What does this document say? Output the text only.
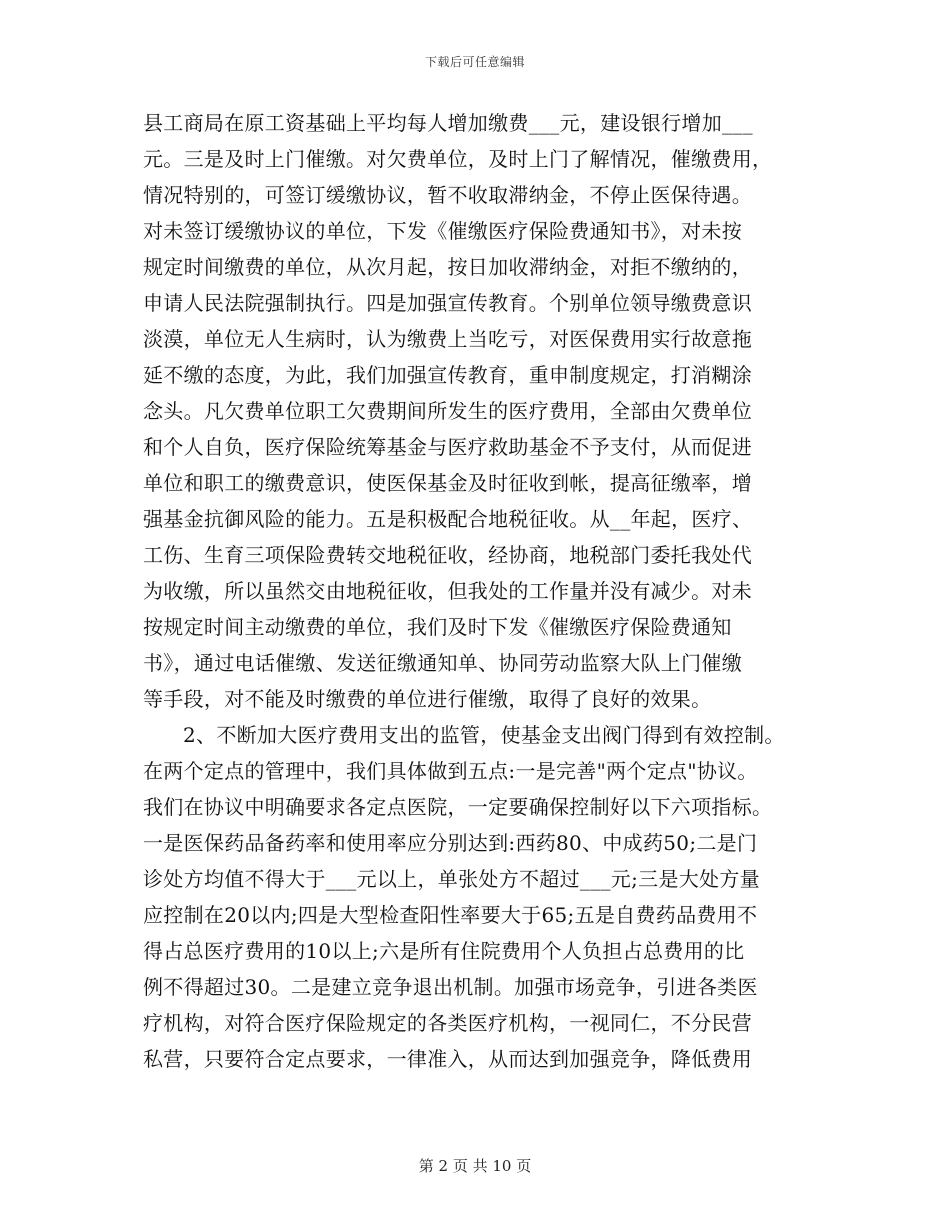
下载后可任意编辑
县工商局在原工资基础上平均每人增加缴费___元，建设银行增加___
元。三是及时上门催缴。对欠费单位，及时上门了解情况，催缴费用，
情况特别的，可签订缓缴协议，暂不收取滞纳金，不停止医保待遇。
对未签订缓缴协议的单位，下发《催缴医疗保险费通知书》，对未按
规定时间缴费的单位，从次月起，按日加收滞纳金，对拒不缴纳的，
申请人民法院强制执行。四是加强宣传教育。个别单位领导缴费意识
淡漠，单位无人生病时，认为缴费上当吃亏，对医保费用实行故意拖
延不缴的态度，为此，我们加强宣传教育，重申制度规定，打消糊涂
念头。凡欠费单位职工欠费期间所发生的医疗费用，全部由欠费单位
和个人自负，医疗保险统筹基金与医疗救助基金不予支付，从而促进
单位和职工的缴费意识，使医保基金及时征收到帐，提高征缴率，增
强基金抗御风险的能力。五是积极配合地税征收。从__年起，医疗、
工伤、生育三项保险费转交地税征收，经协商，地税部门委托我处代
为收缴，所以虽然交由地税征收，但我处的工作量并没有减少。对未
按规定时间主动缴费的单位，我们及时下发《催缴医疗保险费通知
书》，通过电话催缴、发送征缴通知单、协同劳动监察大队上门催缴
等手段，对不能及时缴费的单位进行催缴，取得了良好的效果。
2、不断加大医疗费用支出的监管，使基金支出阀门得到有效控制。
在两个定点的管理中，我们具体做到五点:一是完善"两个定点"协议。
我们在协议中明确要求各定点医院，一定要确保控制好以下六项指标。
一是医保药品备药率和使用率应分别达到:西药80、中成药50;二是门
诊处方均值不得大于___元以上，单张处方不超过___元;三是大处方量
应控制在20以内;四是大型检查阳性率要大于65;五是自费药品费用不
得占总医疗费用的10以上;六是所有住院费用个人负担占总费用的比
例不得超过30。二是建立竞争退出机制。加强市场竞争，引进各类医
疗机构，对符合医疗保险规定的各类医疗机构，一视同仁，不分民营
私营，只要符合定点要求，一律准入，从而达到加强竞争，降低费用
第 2 页 共 10 页
